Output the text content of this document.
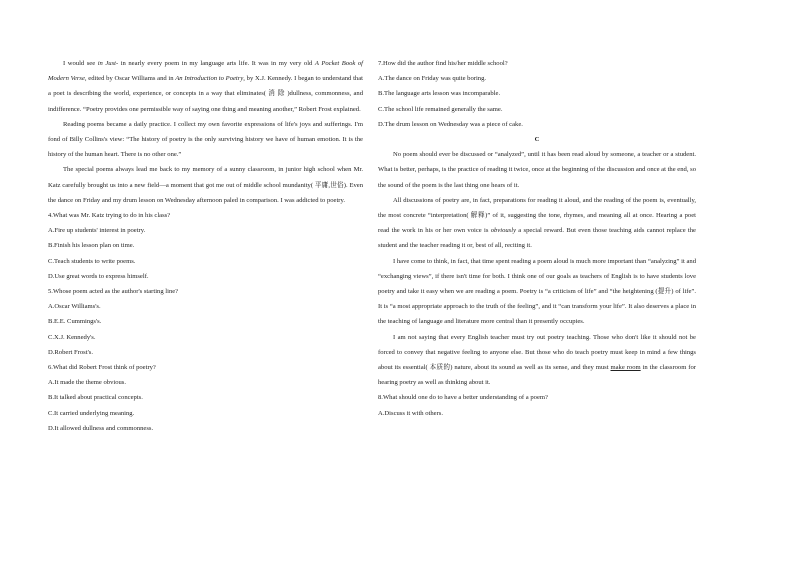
I would see in Just- in nearly every poem in my language arts life. It was in my very old A Pocket Book of Modern Verse, edited by Oscar Williams and in An Introduction to Poetry, by X.J. Kennedy. I began to understand that a poet is describing the world, experience, or concepts in a way that eliminates( 消 除 )dullness, commonness, and indifference. “Poetry provides one permissible way of saying one thing and meaning another,” Robert Frost explained.

Reading poems became a daily practice. I collect my own favorite expressions of life's joys and sufferings. I'm fond of Billy Collins's view: “The history of poetry is the only surviving history we have of human emotion. It is the history of the human heart. There is no other one.”

The special poems always lead me back to my memory of a sunny classroom, in junior high school when Mr. Katz carefully brought us into a new field—a moment that got me out of middle school mundanity( 平庸,世俗). Even the dance on Friday and my drum lesson on Wednesday afternoon paled in comparison. I was addicted to poetry.

4.What was Mr. Katz trying to do in his class?

A.Fire up students' interest in poetry.

B.Finish his lesson plan on time.

C.Teach students to write poems.

D.Use great words to express himself.

5.Whose poem acted as the author's starting line?

A.Oscar Williams's.

B.E.E. Cummings's.

C.X.J. Kennedy's.

D.Robert Frost's.

6.What did Robert Frost think of poetry?

A.It made the theme obvious.

B.It talked about practical concepts.

C.It carried underlying meaning.

D.It allowed dullness and commonness.

7.How did the author find his/her middle school?

A.The dance on Friday was quite boring.

B.The language arts lesson was incomparable.

C.The school life remained generally the same.

D.The drum lesson on Wednesday was a piece of cake.

C

No poem should ever be discussed or “analyzed”, until it has been read aloud by someone, a teacher or a student. What is better, perhaps, is the practice of reading it twice, once at the beginning of the discussion and once at the end, so the sound of the poem is the last thing one hears of it.

All discussions of poetry are, in fact, preparations for reading it aloud, and the reading of the poem is, eventually, the most concrete “interpretation( 解释)” of it, suggesting the tone, rhymes, and meaning all at once. Hearing a poet read the work in his or her own voice is obviously a special reward. But even those teaching aids cannot replace the student and the teacher reading it or, best of all, reciting it.

I have come to think, in fact, that time spent reading a poem aloud is much more important than “analyzing” it and “exchanging views”, if there isn't time for both. I think one of our goals as teachers of English is to have students love poetry and take it easy when we are reading a poem. Poetry is “a criticism of life” and “the heightening (提升) of life”. It is “a most appropriate approach to the truth of the feeling”, and it “can transform your life”. It also deserves a place in the teaching of language and literature more central than it presently occupies.

I am not saying that every English teacher must try out poetry teaching. Those who don't like it should not be forced to convey that negative feeling to anyone else. But those who do teach poetry must keep in mind a few things about its essential( 本质的) nature, about its sound as well as its sense, and they must make room in the classroom for hearing poetry as well as thinking about it.

8.What should one do to have a better understanding of a poem?

A.Discuss it with others.
